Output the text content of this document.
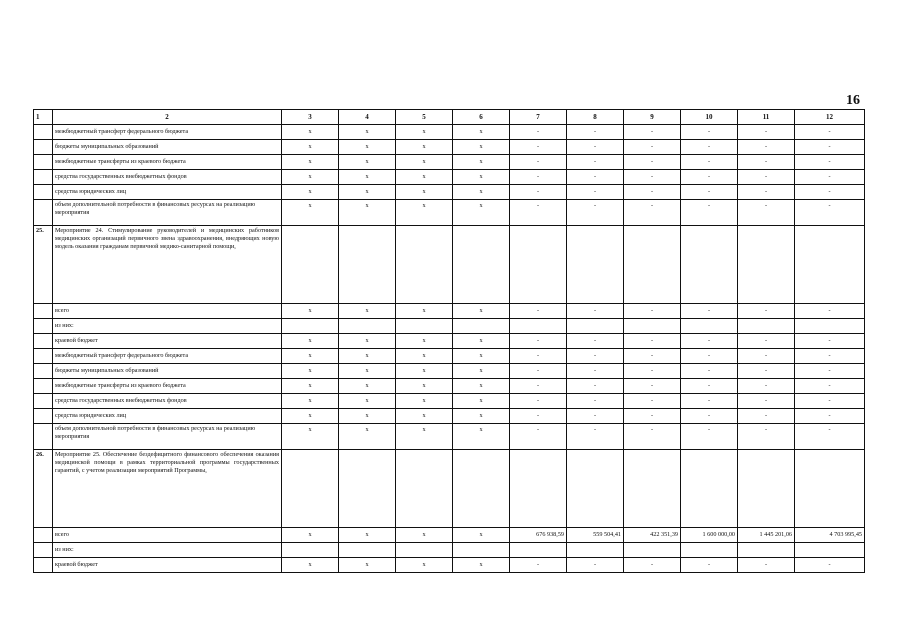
16
1	2	3	4	5	6	7	8	9	10	11	12
	межбюджетный трансферт федерального бюджета	x	x	x	x	-	-	-	-	-	-
	бюджеты муниципальных образований	x	x	x	x	-	-	-	-	-	-
	межбюджетные трансферты из краевого бюджета	x	x	x	x	-	-	-	-	-	-
	средства государственных внебюджетных фондов	x	x	x	x	-	-	-	-	-	-
	средства юридических лиц	x	x	x	x	-	-	-	-	-	-
	объем дополнительной потребности в финансовых ресурсах на реализацию мероприятия	x	x	x	x	-	-	-	-	-	-
25.	Мероприятие 24. Стимулирование руководителей и медицинских работников медицинских организаций первичного звена здравоохранения, внедряющих новую модель оказания гражданам первичной медико-санитарной помощи,										
	всего	x	x	x	x	-	-	-	-	-	-
	из них:										
	краевой бюджет	x	x	x	x	-	-	-	-	-	-
	межбюджетный трансферт федерального бюджета	x	x	x	x	-	-	-	-	-	-
	бюджеты муниципальных образований	x	x	x	x	-	-	-	-	-	-
	межбюджетные трансферты из краевого бюджета	x	x	x	x	-	-	-	-	-	-
	средства государственных внебюджетных фондов	x	x	x	x	-	-	-	-	-	-
	средства юридических лиц	x	x	x	x	-	-	-	-	-	-
	объем дополнительной потребности в финансовых ресурсах на реализацию мероприятия	x	x	x	x	-	-	-	-	-	-
26.	Мероприятие 25. Обеспечение бездефицитного финансового обеспечения оказания медицинской помощи в рамках территориальной программы государственных гарантий, с учетом реализации мероприятий Программы,										
	всего	x	x	x	x	676 938,59	559 504,41	422 351,39	1 600 000,00	1 445 201,06	4 703 995,45
	из них:										
	краевой бюджет	x	x	x	x	-	-	-	-	-	-
